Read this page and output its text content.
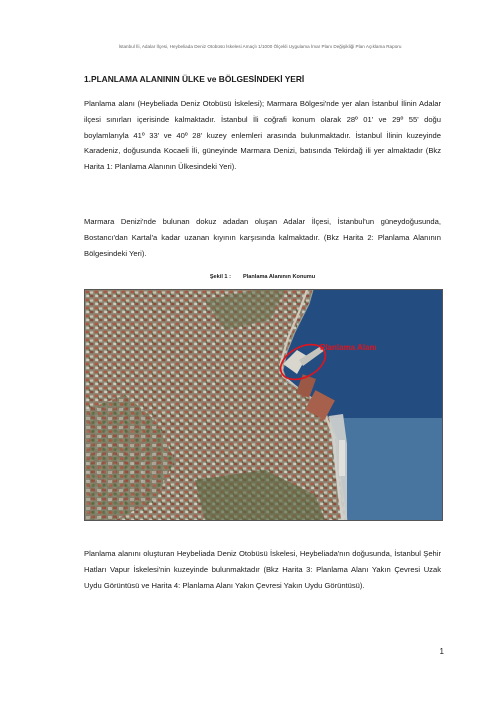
İstanbul İli, Adalar İlçesi, Heybeliada Deniz Otobüsü İskelesi Amaçlı 1/1000 Ölçekli Uygulama İmar Planı Değişikliği Plan Açıklama Raporu
1.PLANLAMA ALANININ ÜLKE ve BÖLGESİNDEKİ YERİ

Planlama alanı (Heybeliada Deniz Otobüsü İskelesi); Marmara Bölgesi'nde yer alan İstanbul İlinin Adalar ilçesi sınırları içerisinde kalmaktadır. İstanbul İli coğrafi konum olarak 28º 01' ve 29º 55' doğu boylamlarıyla 41º 33' ve 40º 28' kuzey enlemleri arasında bulunmaktadır. İstanbul İlinin kuzeyinde Karadeniz, doğusunda Kocaeli İli, güneyinde Marmara Denizi, batısında Tekirdağ ili yer almaktadır (Bkz Harita 1: Planlama Alanının Ülkesindeki Yeri).

Marmara Denizi'nde bulunan dokuz adadan oluşan Adalar İlçesi, İstanbul'un güneydoğusunda, Bostancı'dan Kartal'a kadar uzanan kıyının karşısında kalmaktadır. (Bkz Harita 2: Planlama Alanının Bölgesindeki Yeri).

Şekil 1 : Planlama Alanının Konumu
Planlama Alanı

Planlama alanını oluşturan Heybeliada Deniz Otobüsü İskelesi, Heybeliada'nın doğusunda, İstanbul Şehir Hatları Vapur İskelesi'nin kuzeyinde bulunmaktadır (Bkz Harita 3: Planlama Alanı Yakın Çevresi Uzak Uydu Görüntüsü ve Harita 4: Planlama Alanı Yakın Çevresi Yakın Uydu Görüntüsü).

1
